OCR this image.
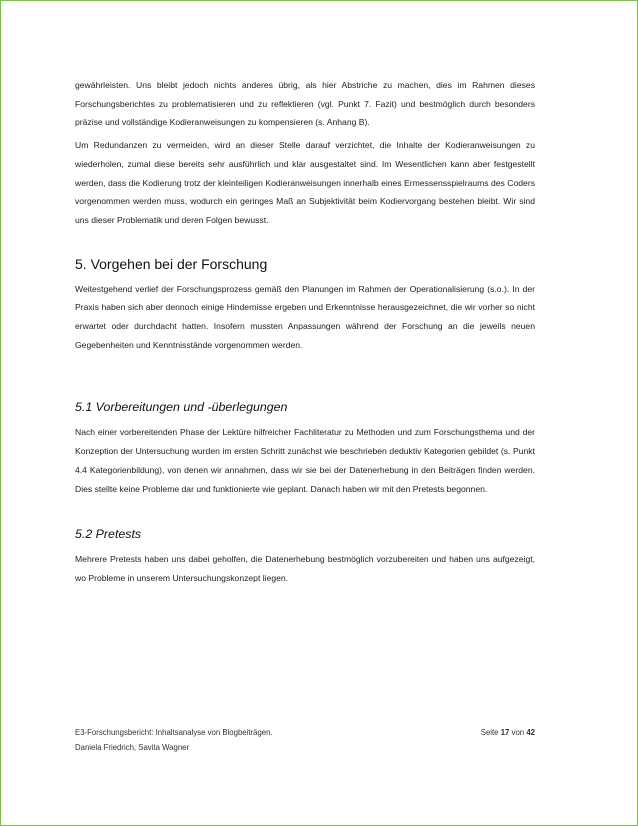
gewährleisten. Uns bleibt jedoch nichts anderes übrig, als hier Abstriche zu machen, dies im Rahmen dieses Forschungsberichtes zu problematisieren und zu reflektieren (vgl. Punkt 7. Fazit) und bestmöglich durch besonders präzise und vollständige Kodieranweisungen zu kompensieren (s. Anhang B).

Um Redundanzen zu vermeiden, wird an dieser Stelle darauf verzichtet, die Inhalte der Kodieranweisungen zu wiederholen, zumal diese bereits sehr ausführlich und klar ausgestaltet sind. Im Wesentlichen kann aber festgestellt werden, dass die Kodierung trotz der kleinteiligen Kodieranweisungen innerhalb eines Ermessensspielraums des Coders vorgenommen werden muss, wodurch ein geringes Maß an Subjektivität beim Kodiervorgang bestehen bleibt. Wir sind uns dieser Problematik und deren Folgen bewusst.

5. Vorgehen bei der Forschung

Weitestgehend verlief der Forschungsprozess gemäß den Planungen im Rahmen der Operationalisierung (s.o.). In der Praxis haben sich aber dennoch einige Hindernisse ergeben und Erkenntnisse herausgezeichnet, die wir vorher so nicht erwartet oder durchdacht hatten. Insofern mussten Anpassungen während der Forschung an die jeweils neuen Gegebenheiten und Kenntnisstände vorgenommen werden.

5.1 Vorbereitungen und -überlegungen

Nach einer vorbereitenden Phase der Lektüre hilfreicher Fachliteratur zu Methoden und zum Forschungsthema und der Konzeption der Untersuchung wurden im ersten Schritt zunächst wie beschrieben deduktiv Kategorien gebildet (s. Punkt 4.4 Kategorienbildung), von denen wir annahmen, dass wir sie bei der Datenerhebung in den Beiträgen finden werden. Dies stellte keine Probleme dar und funktionierte wie geplant. Danach haben wir mit den Pretests begonnen.

5.2 Pretests

Mehrere Pretests haben uns dabei geholfen, die Datenerhebung bestmöglich vorzubereiten und haben uns aufgezeigt, wo Probleme in unserem Untersuchungskonzept liegen.

E3-Forschungsbericht: Inhaltsanalyse von Blogbeiträgen.	Seite 17 von 42
Daniela Friedrich, Savita Wagner
